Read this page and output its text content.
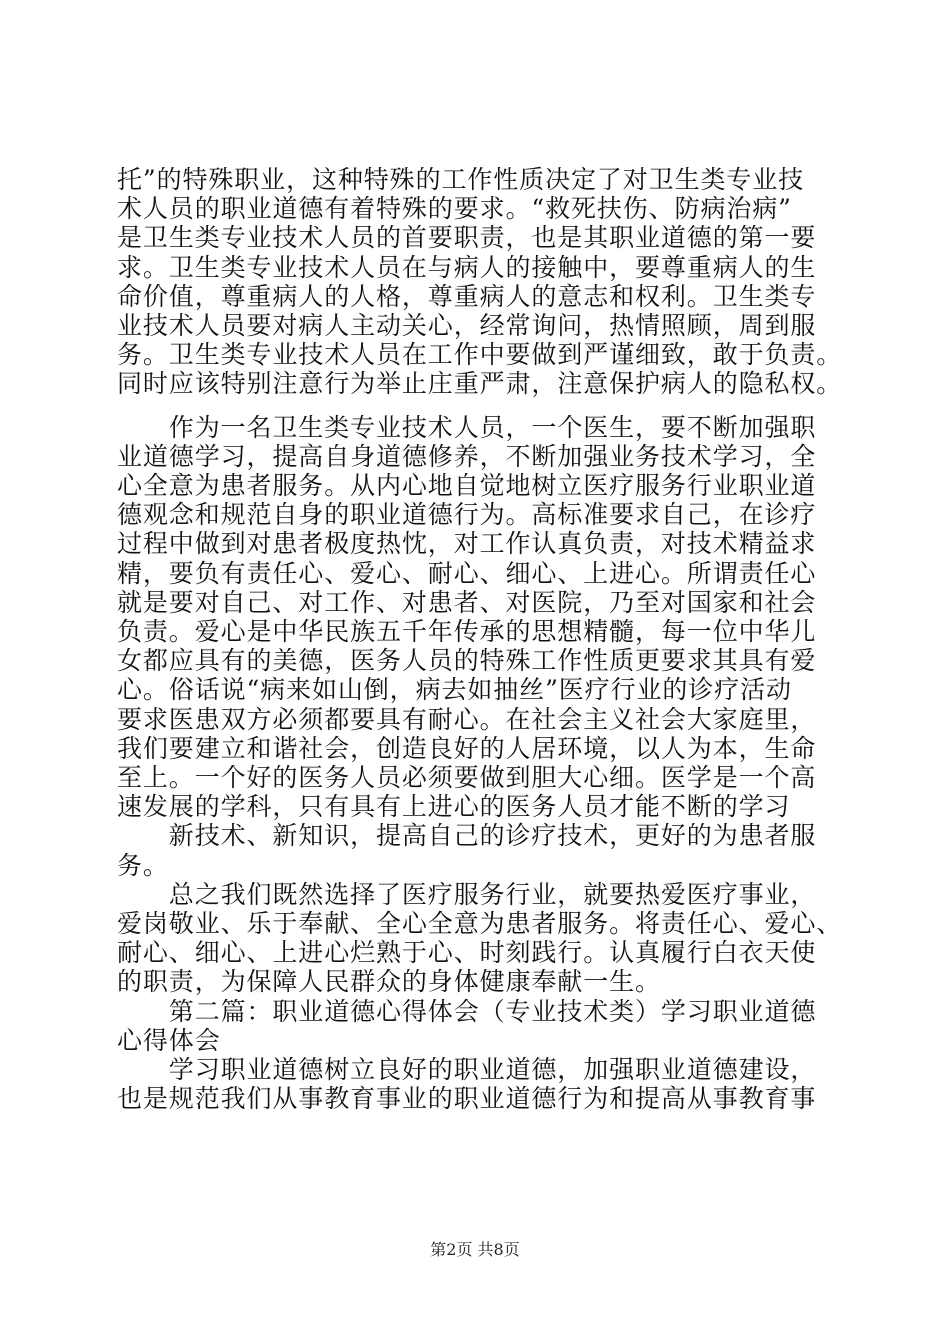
托”的特殊职业，这种特殊的工作性质决定了对卫生类专业技
术人员的职业道德有着特殊的要求。“救死扶伤、防病治病”
是卫生类专业技术人员的首要职责，也是其职业道德的第一要
求。卫生类专业技术人员在与病人的接触中，要尊重病人的生
命价值，尊重病人的人格，尊重病人的意志和权利。卫生类专
业技术人员要对病人主动关心，经常询问，热情照顾，周到服
务。卫生类专业技术人员在工作中要做到严谨细致，敢于负责。
同时应该特别注意行为举止庄重严肃，注意保护病人的隐私权。
　　作为一名卫生类专业技术人员，一个医生，要不断加强职
业道德学习，提高自身道德修养，不断加强业务技术学习，全
心全意为患者服务。从内心地自觉地树立医疗服务行业职业道
德观念和规范自身的职业道德行为。高标准要求自己，在诊疗
过程中做到对患者极度热忱，对工作认真负责，对技术精益求
精，要负有责任心、爱心、耐心、细心、上进心。所谓责任心
就是要对自己、对工作、对患者、对医院，乃至对国家和社会
负责。爱心是中华民族五千年传承的思想精髓，每一位中华儿
女都应具有的美德，医务人员的特殊工作性质更要求其具有爱
心。俗话说“病来如山倒，病去如抽丝”医疗行业的诊疗活动
要求医患双方必须都要具有耐心。在社会主义社会大家庭里，
我们要建立和谐社会，创造良好的人居环境，以人为本，生命
至上。一个好的医务人员必须要做到胆大心细。医学是一个高
速发展的学科，只有具有上进心的医务人员才能不断的学习
　　新技术、新知识，提高自己的诊疗技术，更好的为患者服
务。
　　总之我们既然选择了医疗服务行业，就要热爱医疗事业，
爱岗敬业、乐于奉献、全心全意为患者服务。将责任心、爱心、
耐心、细心、上进心烂熟于心、时刻践行。认真履行白衣天使
的职责，为保障人民群众的身体健康奉献一生。
　　第二篇：职业道德心得体会（专业技术类）学习职业道德
心得体会
　　学习职业道德树立良好的职业道德，加强职业道德建设，
也是规范我们从事教育事业的职业道德行为和提高从事教育事
第2页 共8页
